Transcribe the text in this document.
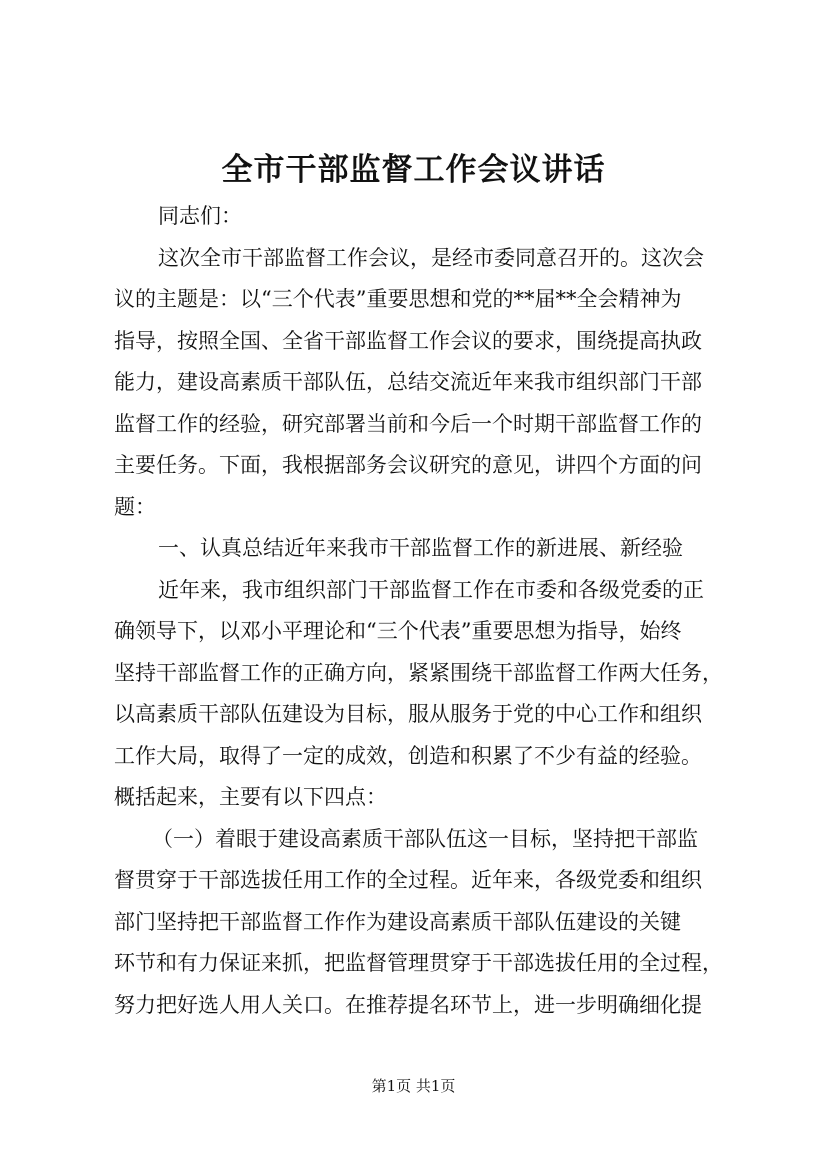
全市干部监督工作会议讲话
同志们：
这次全市干部监督工作会议，是经市委同意召开的。这次会
议的主题是：以“三个代表”重要思想和党的**届**全会精神为
指导，按照全国、全省干部监督工作会议的要求，围绕提高执政
能力，建设高素质干部队伍，总结交流近年来我市组织部门干部
监督工作的经验，研究部署当前和今后一个时期干部监督工作的
主要任务。下面，我根据部务会议研究的意见，讲四个方面的问
题：
一、认真总结近年来我市干部监督工作的新进展、新经验
近年来，我市组织部门干部监督工作在市委和各级党委的正
确领导下，以邓小平理论和“三个代表”重要思想为指导，始终
坚持干部监督工作的正确方向，紧紧围绕干部监督工作两大任务，
以高素质干部队伍建设为目标，服从服务于党的中心工作和组织
工作大局，取得了一定的成效，创造和积累了不少有益的经验。
概括起来，主要有以下四点：
（一）着眼于建设高素质干部队伍这一目标，坚持把干部监
督贯穿于干部选拔任用工作的全过程。近年来，各级党委和组织
部门坚持把干部监督工作作为建设高素质干部队伍建设的关键
环节和有力保证来抓，把监督管理贯穿于干部选拔任用的全过程，
努力把好选人用人关口。在推荐提名环节上，进一步明确细化提
第1页 共1页
